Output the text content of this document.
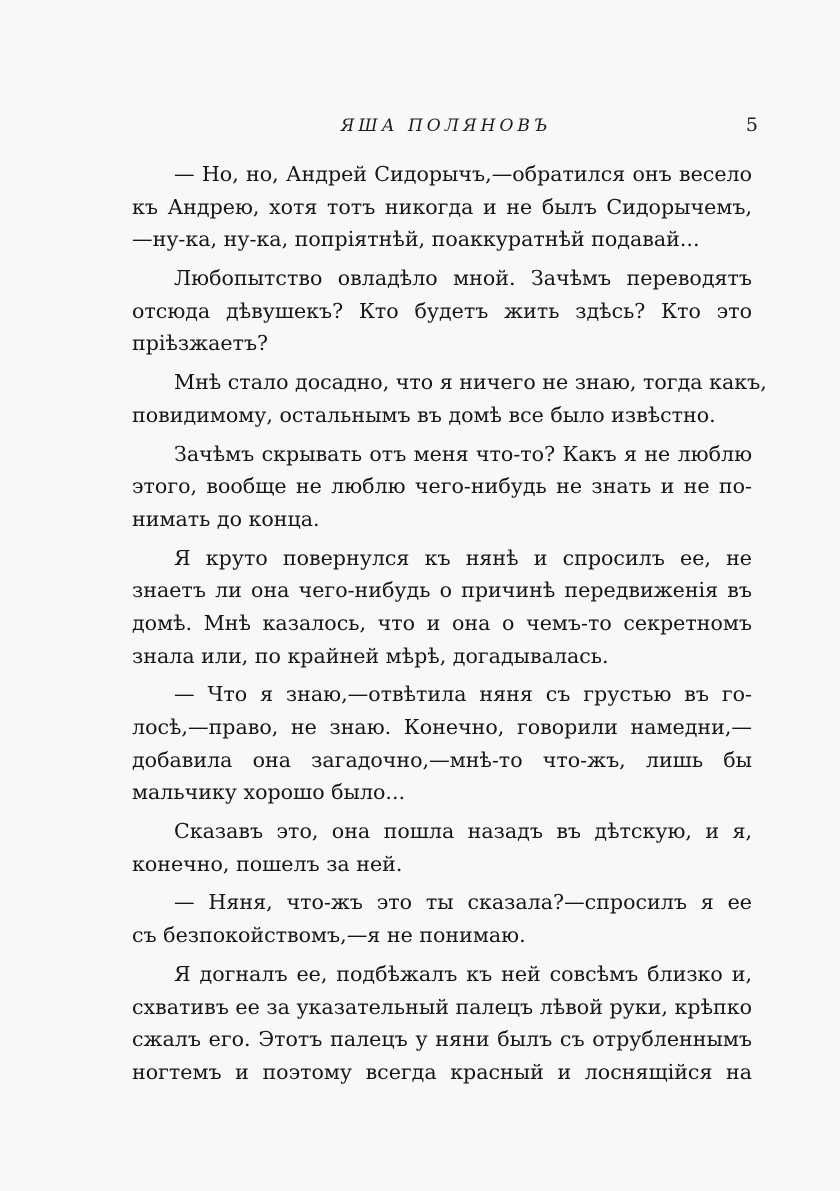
ЯША ПОЛЯНОВЪ	5
— Но, но, Андрей Сидорычъ,—обратился онъ весело
къ Андрею, хотя тотъ никогда и не былъ Сидорычемъ,
—ну-ка, ну-ка, попріятнѣй, поаккуратнѣй подавай...
Любопытство овладѣло мной. Зачѣмъ переводятъ
отсюда дѣвушекъ? Кто будетъ жить здѣсь? Кто это
пріѣзжаетъ?
Мнѣ стало досадно, что я ничего не знаю, тогда какъ,
повидимому, остальнымъ въ домѣ все было извѣстно.
Зачѣмъ скрывать отъ меня что-то? Какъ я не люблю
этого, вообще не люблю чего-нибудь не знать и не по-
нимать до конца.
Я круто повернулся къ нянѣ и спросилъ ее, не
знаетъ ли она чего-нибудь о причинѣ передвиженія въ
домѣ. Мнѣ казалось, что и она о чемъ-то секретномъ
знала или, по крайней мѣрѣ, догадывалась.
— Что я знаю,—отвѣтила няня съ грустью въ го-
лосѣ,—право, не знаю. Конечно, говорили намедни,—
добавила она загадочно,—мнѣ-то что-жъ, лишь бы
мальчику хорошо было...
Сказавъ это, она пошла назадъ въ дѣтскую, и я,
конечно, пошелъ за ней.
— Няня, что-жъ это ты сказала?—спросилъ я ее
съ безпокойствомъ,—я не понимаю.
Я догналъ ее, подбѣжалъ къ ней совсѣмъ близко и,
схвативъ ее за указательный палецъ лѣвой руки, крѣпко
сжалъ его. Этотъ палецъ у няни былъ съ отрубленнымъ
ногтемъ и поэтому всегда красный и лоснящійся на
